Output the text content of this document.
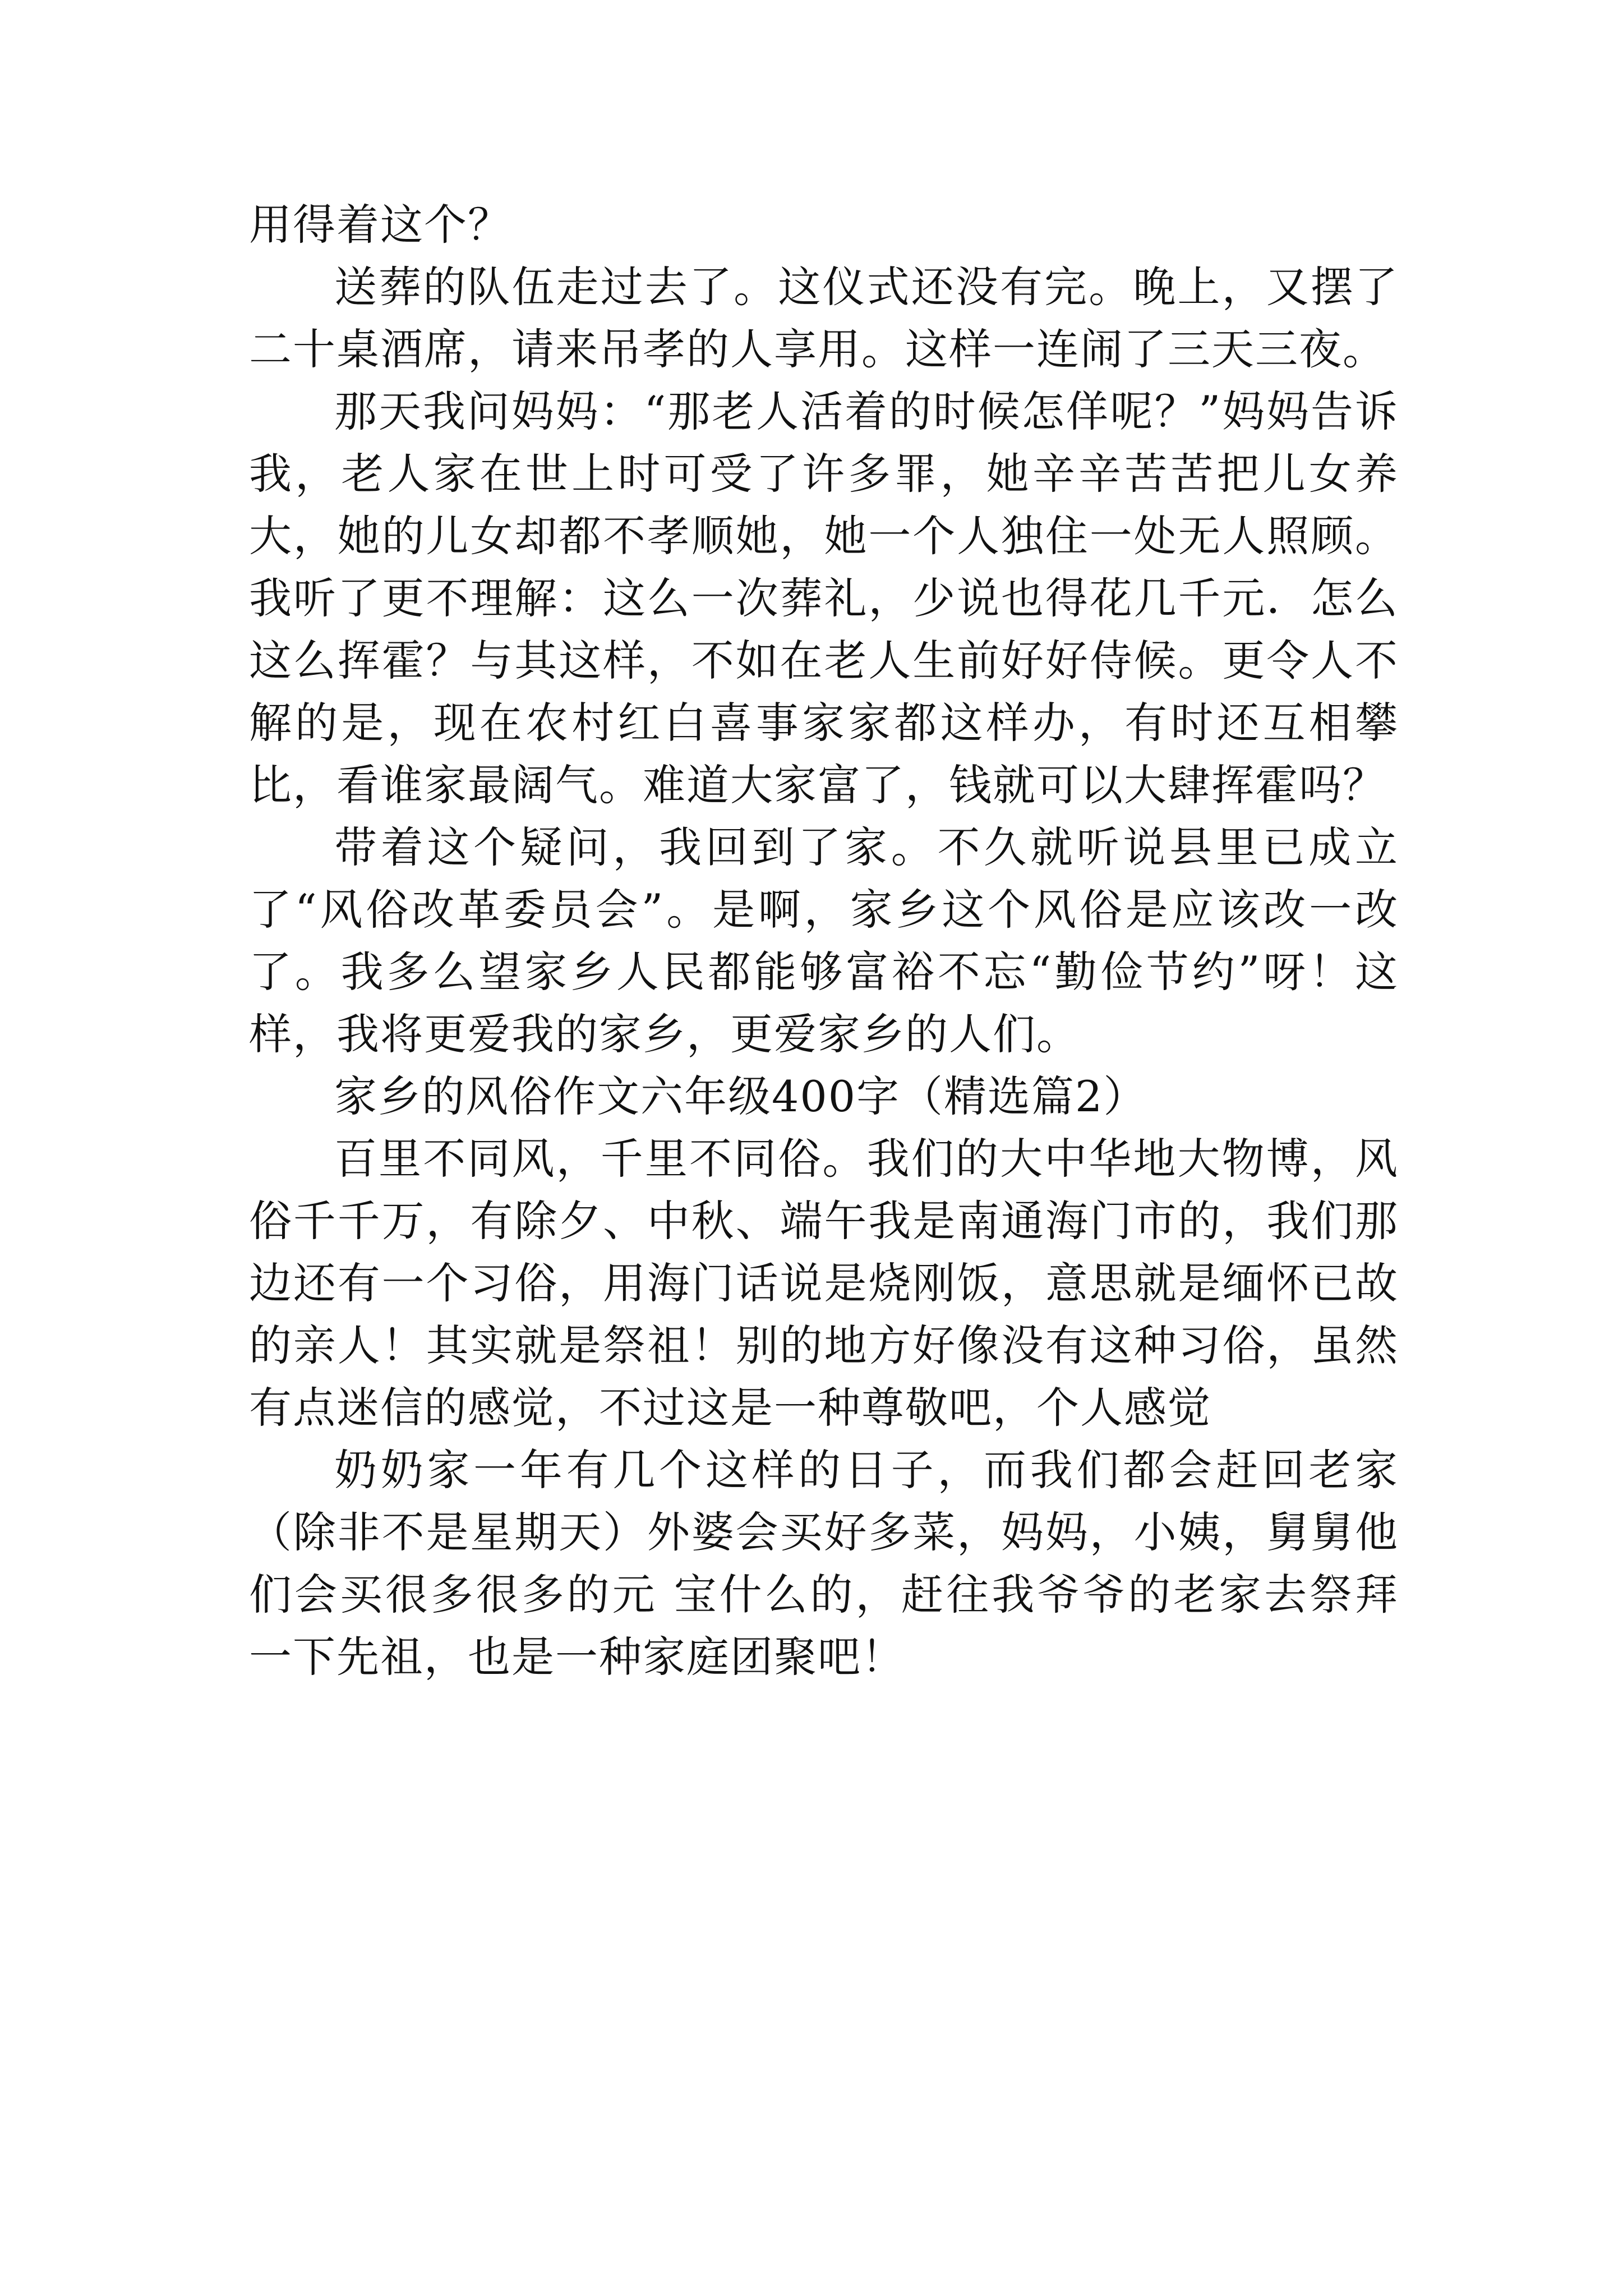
用得着这个？

送葬的队伍走过去了。这仪式还没有完。晚上，又摆了二十桌酒席，请来吊孝的人享用。这样一连闹了三天三夜。

那天我问妈妈：“那老人活着的时候怎佯呢？”妈妈告诉我，老人家在世上时可受了许多罪，她辛辛苦苦把儿女养大，她的儿女却都不孝顺她，她一个人独住一处无人照顾。我听了更不理解：这么一次葬礼，少说也得花几千元．怎么这么挥霍？与其这样，不如在老人生前好好侍候。更令人不解的是，现在农村红白喜事家家都这样办，有时还互相攀比，看谁家最阔气。难道大家富了，钱就可以大肆挥霍吗？

带着这个疑问，我回到了家。不久就听说县里已成立了“风俗改革委员会”。是啊，家乡这个风俗是应该改一改了。我多么望家乡人民都能够富裕不忘“勤俭节约”呀！这样，我将更爱我的家乡，更爱家乡的人们。

家乡的风俗作文六年级400字（精选篇2）

百里不同风，千里不同俗。我们的大中华地大物博，风俗千千万，有除夕、中秋、端午我是南通海门市的，我们那边还有一个习俗，用海门话说是烧刚饭，意思就是缅怀已故的亲人！其实就是祭祖！别的地方好像没有这种习俗，虽然有点迷信的感觉，不过这是一种尊敬吧，个人感觉

奶奶家一年有几个这样的日子，而我们都会赶回老家（除非不是星期天）外婆会买好多菜，妈妈，小姨，舅舅他们会买很多很多的元 宝什么的，赶往我爷爷的老家去祭拜一下先祖，也是一种家庭团聚吧！
